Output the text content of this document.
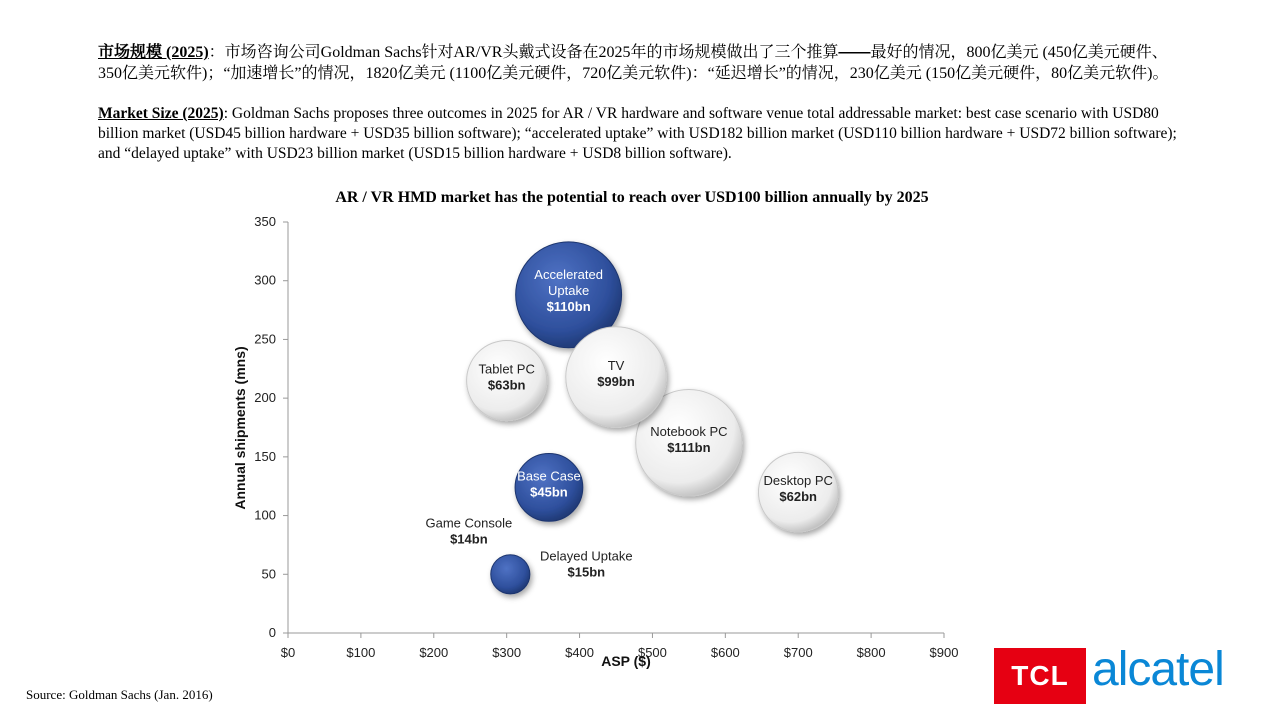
市场规模 (2025)：市场咨询公司Goldman Sachs针对AR/VR头戴式设备在2025年的市场规模做出了三个推算——最好的情况，800亿美元 (450亿美元硬件、350亿美元软件)；“加速增长”的情况，1820亿美元 (1100亿美元硬件，720亿美元软件)：“延迟增长”的情况，230亿美元 (150亿美元硬件，80亿美元软件)。
Market Size (2025): Goldman Sachs proposes three outcomes in 2025 for AR / VR hardware and software venue total addressable market: best case scenario with USD80 billion market (USD45 billion hardware + USD35 billion software); “accelerated uptake” with USD182 billion market (USD110 billion hardware + USD72 billion software); and “delayed uptake” with USD23 billion market (USD15 billion hardware + USD8 billion software).
AR / VR HMD market has the potential to reach over USD100 billion annually by 2025
0
50
100
150
200
250
300
350
$0	$100	$200	$300	$400	$500	$600	$700	$800	$900
Accelerated Uptake $110bn
Tablet PC $63bn
TV $99bn
Notebook PC $111bn
Base Case $45bn
Desktop PC $62bn
Game Console $14bn
Delayed Uptake $15bn
Annual shipments (mns)
ASP ($)
Source: Goldman Sachs (Jan. 2016)
TCL alcatel
